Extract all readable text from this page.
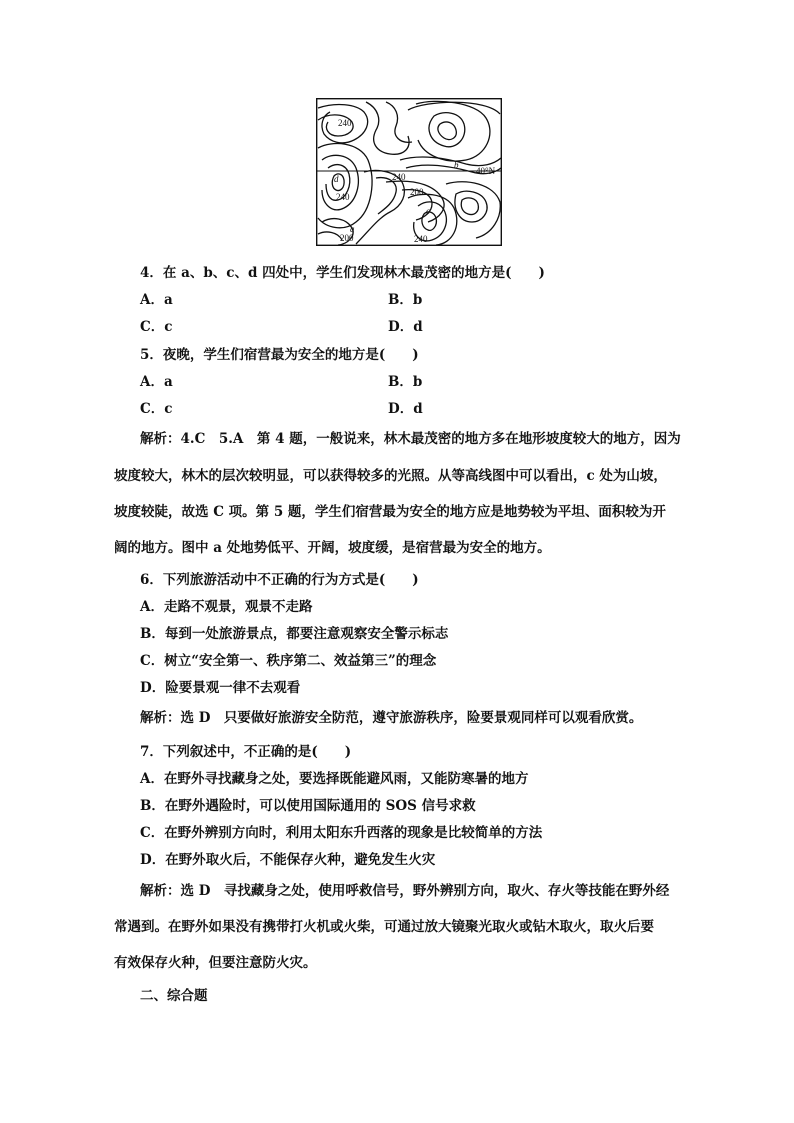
240
240	200
240
200	240
40°N
a
b
c
d
4．在 a、b、c、d 四处中，学生们发现林木最茂密的地方是(　　)
A．a	B．b
C．c	D．d
5．夜晚，学生们宿营最为安全的地方是(　　)
A．a	B．b
C．c	D．d
解析：4.C　5.A　第 4 题，一般说来，林木最茂密的地方多在地形坡度较大的地方，因为
坡度较大，林木的层次较明显，可以获得较多的光照。从等高线图中可以看出，c 处为山坡，
坡度较陡，故选 C 项。第 5 题，学生们宿营最为安全的地方应是地势较为平坦、面积较为开
阔的地方。图中 a 处地势低平、开阔，坡度缓，是宿营最为安全的地方。
6．下列旅游活动中不正确的行为方式是(　　)
A．走路不观景，观景不走路
B．每到一处旅游景点，都要注意观察安全警示标志
C．树立“安全第一、秩序第二、效益第三”的理念
D．险要景观一律不去观看
解析：选 D　只要做好旅游安全防范，遵守旅游秩序，险要景观同样可以观看欣赏。
7．下列叙述中，不正确的是(　　)
A．在野外寻找藏身之处，要选择既能避风雨，又能防寒暑的地方
B．在野外遇险时，可以使用国际通用的 SOS 信号求救
C．在野外辨别方向时，利用太阳东升西落的现象是比较简单的方法
D．在野外取火后，不能保存火种，避免发生火灾
解析：选 D　寻找藏身之处，使用呼救信号，野外辨别方向，取火、存火等技能在野外经
常遇到。在野外如果没有携带打火机或火柴，可通过放大镜聚光取火或钻木取火，取火后要
有效保存火种，但要注意防火灾。
二、综合题
